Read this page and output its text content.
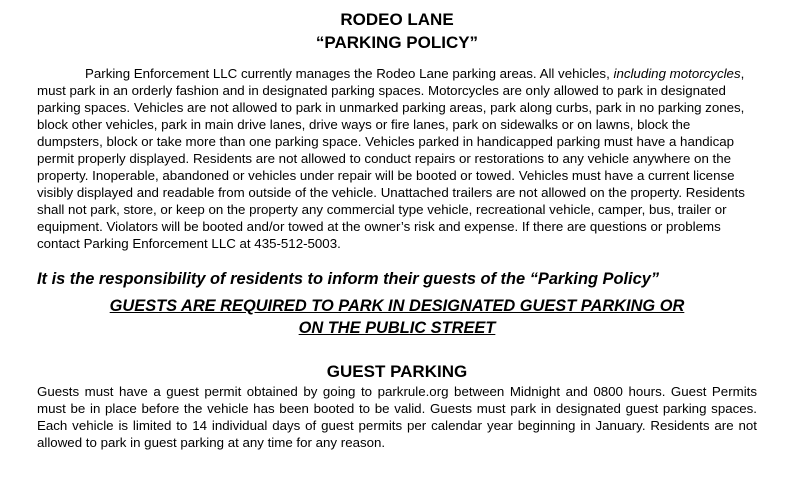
RODEO LANE
“PARKING POLICY”

Parking Enforcement LLC currently manages the Rodeo Lane parking areas. All vehicles, including motorcycles, must park in an orderly fashion and in designated parking spaces. Motorcycles are only allowed to park in designated parking spaces. Vehicles are not allowed to park in unmarked parking areas, park along curbs, park in no parking zones, block other vehicles, park in main drive lanes, drive ways or fire lanes, park on sidewalks or on lawns, block the dumpsters, block or take more than one parking space. Vehicles parked in handicapped parking must have a handicap permit properly displayed. Residents are not allowed to conduct repairs or restorations to any vehicle anywhere on the property. Inoperable, abandoned or vehicles under repair will be booted or towed. Vehicles must have a current license visibly displayed and readable from outside of the vehicle. Unattached trailers are not allowed on the property. Residents shall not park, store, or keep on the property any commercial type vehicle, recreational vehicle, camper, bus, trailer or equipment. Violators will be booted and/or towed at the owner’s risk and expense. If there are questions or problems contact Parking Enforcement LLC at 435-512-5003.

It is the responsibility of residents to inform their guests of the “Parking Policy”

GUESTS ARE REQUIRED TO PARK IN DESIGNATED GUEST PARKING OR
ON THE PUBLIC STREET

GUEST PARKING

Guests must have a guest permit obtained by going to parkrule.org between Midnight and 0800 hours. Guest Permits must be in place before the vehicle has been booted to be valid. Guests must park in designated guest parking spaces. Each vehicle is limited to 14 individual days of guest permits per calendar year beginning in January. Residents are not allowed to park in guest parking at any time for any reason.
